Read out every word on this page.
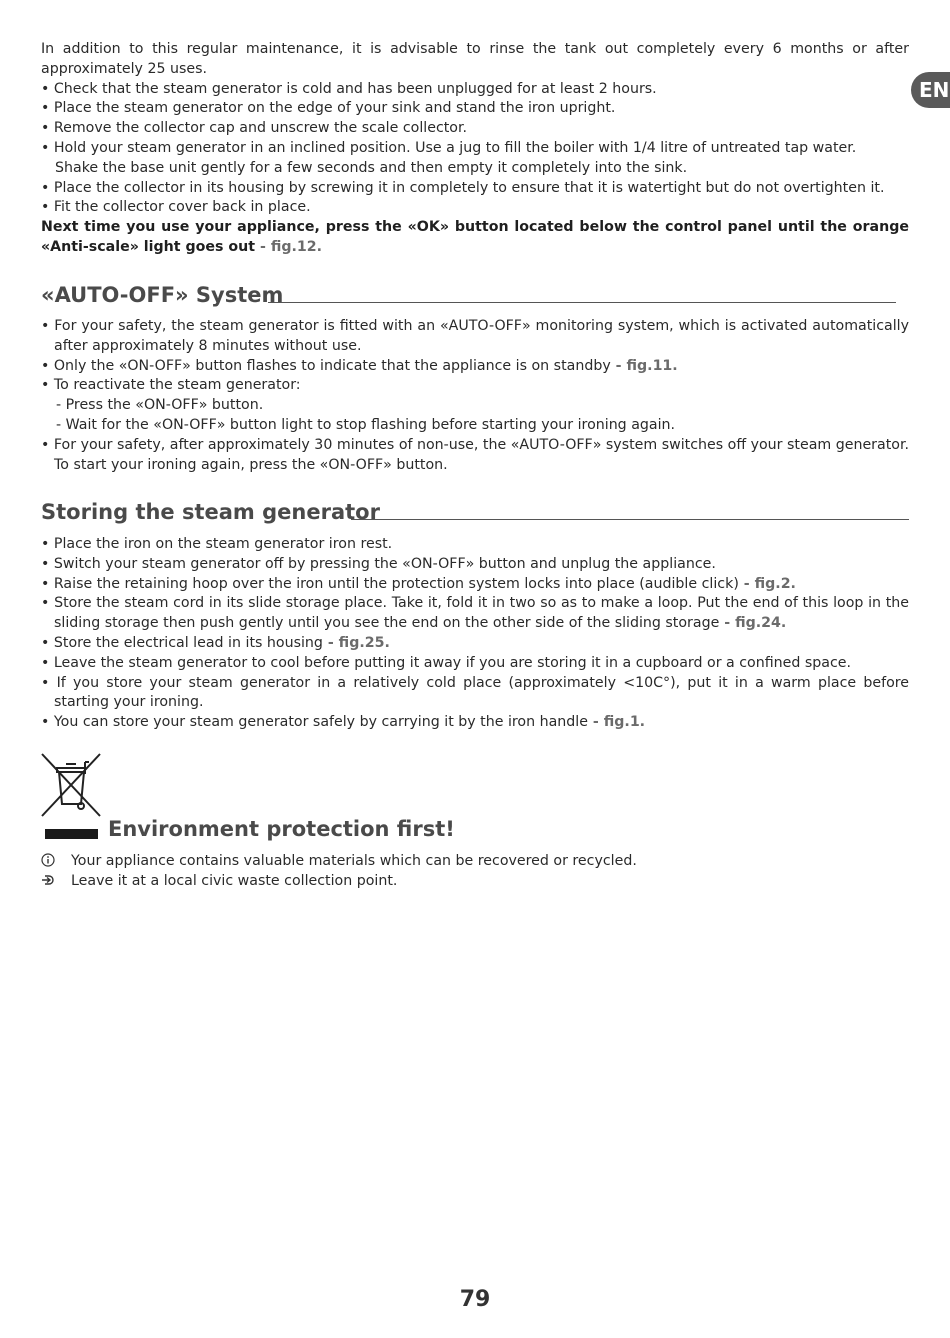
EN

In addition to this regular maintenance, it is advisable to rinse the tank out completely every 6 months or after approximately 25 uses.

• Check that the steam generator is cold and has been unplugged for at least 2 hours.

• Place the steam generator on the edge of your sink and stand the iron upright.

• Remove the collector cap and unscrew the scale collector.

• Hold your steam generator in an inclined position. Use a jug to fill the boiler with 1/4 litre of untreated tap water.

Shake the base unit gently for a few seconds and then empty it completely into the sink.

• Place the collector in its housing by screwing it in completely to ensure that it is watertight but do not overtighten it.

• Fit the collector cover back in place.

Next time you use your appliance, press the «OK» button located below the control panel until the orange «Anti-scale» light goes out - fig.12.

«AUTO-OFF» System

• For your safety, the steam generator is fitted with an «AUTO-OFF» monitoring system, which is activated automatically after approximately 8 minutes without use.

• Only the «ON-OFF» button flashes to indicate that the appliance is on standby - fig.11.

• To reactivate the steam generator:

- Press the «ON-OFF» button.

- Wait for the «ON-OFF» button light to stop flashing before starting your ironing again.

• For your safety, after approximately 30 minutes of non-use, the «AUTO-OFF» system switches off your steam generator. To start your ironing again, press the «ON-OFF» button.

Storing the steam generator

• Place the iron on the steam generator iron rest.

• Switch your steam generator off by pressing the «ON-OFF» button and unplug the appliance.

• Raise the retaining hoop over the iron until the protection system locks into place (audible click) - fig.2.

• Store the steam cord in its slide storage place. Take it, fold it in two so as to make a loop. Put the end of this loop in the sliding storage then push gently until you see the end on the other side of the sliding storage - fig.24.

• Store the electrical lead in its housing - fig.25.

• Leave the steam generator to cool before putting it away if you are storing it in a cupboard or a confined space.

• If you store your steam generator in a relatively cold place (approximately <10C°), put it in a warm place before starting your ironing.

• You can store your steam generator safely by carrying it by the iron handle - fig.1.

Environment protection first!
Your appliance contains valuable materials which can be recovered or recycled.
Leave it at a local civic waste collection point.
79
